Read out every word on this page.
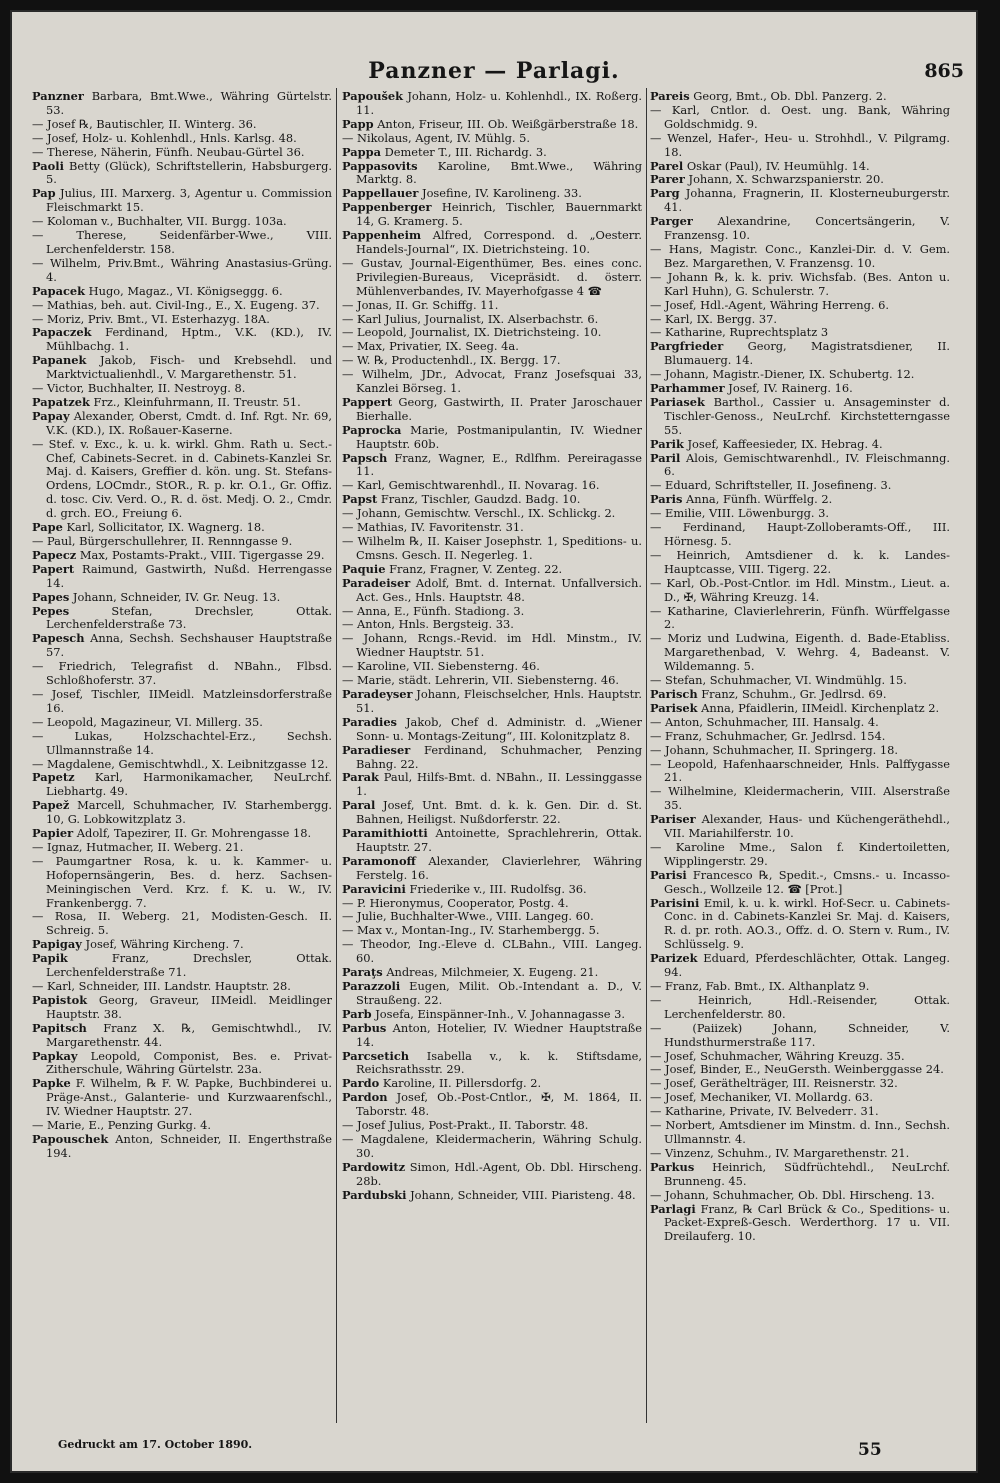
Panzner — Parlagi.	865
Panzner Barbara, Bmt.Wwe., Währing Gürtelstr. 53.
— Josef ℞, Bautischler, II. Winterg. 36.
— Josef, Holz- u. Kohlenhdl., Hnls. Karlsg. 48.
— Therese, Näherin, Fünfh. Neubau-Gürtel 36.
Paoli Betty (Glück), Schriftstellerin, Habsburgerg. 5.
Pap Julius, III. Marxerg. 3, Agentur u. Commission Fleischmarkt 15.
— Koloman v., Buchhalter, VII. Burgg. 103a.
— Therese, Seidenfärber-Wwe., VIII. Lerchenfelderstr. 158.
— Wilhelm, Priv.Bmt., Währing Anastasius-Grüng. 4.
Papacek Hugo, Magaz., VI. Königseggg. 6.
— Mathias, beh. aut. Civil-Ing., E., X. Eugeng. 37.
— Moriz, Priv. Bmt., VI. Esterhazyg. 18A.
Papaczek Ferdinand, Hptm., V.K. (KD.), IV. Mühlbachg. 1.
Papanek Jakob, Fisch- und Krebsehdl. und Marktvictualienhdl., V. Margarethenstr. 51.
— Victor, Buchhalter, II. Nestroyg. 8.
Papatzek Frz., Kleinfuhrmann, II. Treustr. 51.
Papay Alexander, Oberst, Cmdt. d. Inf. Rgt. Nr. 69, V.K. (KD.), IX. Roßauer-Kaserne.
— Stef. v. Exc., k. u. k. wirkl. Ghm. Rath u. Sect.-Chef, Cabinets-Secret. in d. Cabinets-Kanzlei Sr. Maj. d. Kaisers, Greffier d. kön. ung. St. Stefans-Ordens, LOCmdr., StOR., R. p. kr. O.1., Gr. Offiz. d. tosc. Civ. Verd. O., R. d. öst. Medj. O. 2., Cmdr. d. grch. EO., Freiung 6.
Pape Karl, Sollicitator, IX. Wagnerg. 18.
— Paul, Bürgerschullehrer, II. Rennngasse 9.
Papecz Max, Postamts-Prakt., VIII. Tigergasse 29.
Papert Raimund, Gastwirth, Nußd. Herrengasse 14.
Papes Johann, Schneider, IV. Gr. Neug. 13.
Pepes Stefan, Drechsler, Ottak. Lerchenfelderstraße 73.
Papesch Anna, Sechsh. Sechshauser Hauptstraße 57.
— Friedrich, Telegrafist d. NBahn., Flbsd. Schloßhoferstr. 37.
— Josef, Tischler, IIMeidl. Matzleinsdorferstraße 16.
— Leopold, Magazineur, VI. Millerg. 35.
— Lukas, Holzschachtel-Erz., Sechsh. Ullmannstraße 14.
— Magdalene, Gemischtwhdl., X. Leibnitzgasse 12.
Papetz Karl, Harmonikamacher, NeuLrchf. Liebhartg. 49.
Papež Marcell, Schuhmacher, IV. Starhembergg. 10, G. Lobkowitzplatz 3.
Papier Adolf, Tapezirer, II. Gr. Mohrengasse 18.
— Ignaz, Hutmacher, II. Weberg. 21.
— Paumgartner Rosa, k. u. k. Kammer- u. Hofopernsängerin, Bes. d. herz. Sachsen-Meiningischen Verd. Krz. f. K. u. W., IV. Frankenbergg. 7.
— Rosa, II. Weberg. 21, Modisten-Gesch. II. Schreig. 5.
Papigay Josef, Währing Kircheng. 7.
Papik Franz, Drechsler, Ottak. Lerchenfelderstraße 71.
— Karl, Schneider, III. Landstr. Hauptstr. 28.
Papistok Georg, Graveur, IIMeidl. Meidlinger Hauptstr. 38.
Papitsch Franz X. ℞, Gemischtwhdl., IV. Margarethenstr. 44.
Papkay Leopold, Componist, Bes. e. Privat-Zitherschule, Währing Gürtelstr. 23a.
Papke F. Wilhelm, ℞ F. W. Papke, Buchbinderei u. Präge-Anst., Galanterie- und Kurzwaarenfschl., IV. Wiedner Hauptstr. 27.
— Marie, E., Penzing Gurkg. 4.
Papouschek Anton, Schneider, II. Engerthstraße 194.
Papoušek Johann, Holz- u. Kohlenhdl., IX. Roßerg. 11.
Papp Anton, Friseur, III. Ob. Weißgärberstraße 18.
— Nikolaus, Agent, IV. Mühlg. 5.
Pappa Demeter T., III. Richardg. 3.
Pappasovits Karoline, Bmt.Wwe., Währing Marktg. 8.
Pappellauer Josefine, IV. Karolineng. 33.
Pappenberger Heinrich, Tischler, Bauernmarkt 14, G. Kramerg. 5.
Pappenheim Alfred, Correspond. d. „Oesterr. Handels-Journal“, IX. Dietrichsteing. 10.
— Gustav, Journal-Eigenthümer, Bes. eines conc. Privilegien-Bureaus, Vicepräsidt. d. österr. Mühlenverbandes, IV. Mayerhofgasse 4 ☎
— Jonas, II. Gr. Schiffg. 11.
— Karl Julius, Journalist, IX. Alserbachstr. 6.
— Leopold, Journalist, IX. Dietrichsteing. 10.
— Max, Privatier, IX. Seeg. 4a.
— W. ℞, Productenhdl., IX. Bergg. 17.
— Wilhelm, JDr., Advocat, Franz Josefsquai 33, Kanzlei Börseg. 1.
Pappert Georg, Gastwirth, II. Prater Jaroschauer Bierhalle.
Paprocka Marie, Postmanipulantin, IV. Wiedner Hauptstr. 60b.
Papsch Franz, Wagner, E., Rdlfhm. Pereiragasse 11.
— Karl, Gemischtwarenhdl., II. Novarag. 16.
Papst Franz, Tischler, Gaudzd. Badg. 10.
— Johann, Gemischtw. Verschl., IX. Schlickg. 2.
— Mathias, IV. Favoritenstr. 31.
— Wilhelm ℞, II. Kaiser Josephstr. 1, Speditions- u. Cmsns. Gesch. II. Negerleg. 1.
Paquie Franz, Fragner, V. Zenteg. 22.
Paradeiser Adolf, Bmt. d. Internat. Unfallversich. Act. Ges., Hnls. Hauptstr. 48.
— Anna, E., Fünfh. Stadiong. 3.
— Anton, Hnls. Bergsteig. 33.
— Johann, Rcngs.-Revid. im Hdl. Minstm., IV. Wiedner Hauptstr. 51.
— Karoline, VII. Siebensterng. 46.
— Marie, städt. Lehrerin, VII. Siebensterng. 46.
Paradeyser Johann, Fleischselcher, Hnls. Hauptstr. 51.
Paradies Jakob, Chef d. Administr. d. „Wiener Sonn- u. Montags-Zeitung“, III. Kolonitzplatz 8.
Paradieser Ferdinand, Schuhmacher, Penzing Bahng. 22.
Parak Paul, Hilfs-Bmt. d. NBahn., II. Lessinggasse 1.
Paral Josef, Unt. Bmt. d. k. k. Gen. Dir. d. St. Bahnen, Heiligst. Nußdorferstr. 22.
Paramithiotti Antoinette, Sprachlehrerin, Ottak. Hauptstr. 27.
Paramonoff Alexander, Clavierlehrer, Währing Ferstelg. 16.
Paravicini Friederike v., III. Rudolfsg. 36.
— P. Hieronymus, Cooperator, Postg. 4.
— Julie, Buchhalter-Wwe., VIII. Langeg. 60.
— Max v., Montan-Ing., IV. Starhembergg. 5.
— Theodor, Ing.-Eleve d. CLBahn., VIII. Langeg. 60.
Paraţs Andreas, Milchmeier, X. Eugeng. 21.
Parazzoli Eugen, Milit. Ob.-Intendant a. D., V. Straußeng. 22.
Parb Josefa, Einspänner-Inh., V. Johannagasse 3.
Parbus Anton, Hotelier, IV. Wiedner Hauptstraße 14.
Parcsetich Isabella v., k. k. Stiftsdame, Reichsrathsstr. 29.
Pardo Karoline, II. Pillersdorfg. 2.
Pardon Josef, Ob.-Post-Cntlor., ✠, M. 1864, II. Taborstr. 48.
— Josef Julius, Post-Prakt., II. Taborstr. 48.
— Magdalene, Kleidermacherin, Währing Schulg. 30.
Pardowitz Simon, Hdl.-Agent, Ob. Dbl. Hirscheng. 28b.
Pardubski Johann, Schneider, VIII. Piaristeng. 48.
Pareis Georg, Bmt., Ob. Dbl. Panzerg. 2.
— Karl, Cntlor. d. Oest. ung. Bank, Währing Goldschmidg. 9.
— Wenzel, Hafer-, Heu- u. Strohhdl., V. Pilgramg. 18.
Parel Oskar (Paul), IV. Heumühlg. 14.
Parer Johann, X. Schwarzspanierstr. 20.
Parg Johanna, Fragnerin, II. Klosterneuburgerstr. 41.
Parger Alexandrine, Concertsängerin, V. Franzensg. 10.
— Hans, Magistr. Conc., Kanzlei-Dir. d. V. Gem. Bez. Margarethen, V. Franzensg. 10.
— Johann ℞, k. k. priv. Wichsfab. (Bes. Anton u. Karl Huhn), G. Schulerstr. 7.
— Josef, Hdl.-Agent, Währing Herreng. 6.
— Karl, IX. Bergg. 37.
— Katharine, Ruprechtsplatz 3
Pargfrieder Georg, Magistratsdiener, II. Blumauerg. 14.
— Johann, Magistr.-Diener, IX. Schubertg. 12.
Parhammer Josef, IV. Rainerg. 16.
Pariasek Barthol., Cassier u. Ansageminster d. Tischler-Genoss., NeuLrchf. Kirchstetterngasse 55.
Parik Josef, Kaffeesieder, IX. Hebrag. 4.
Paril Alois, Gemischtwarenhdl., IV. Fleischmanng. 6.
— Eduard, Schriftsteller, II. Josefineng. 3.
Paris Anna, Fünfh. Würffelg. 2.
— Emilie, VIII. Löwenburgg. 3.
— Ferdinand, Haupt-Zolloberamts-Off., III. Hörnesg. 5.
— Heinrich, Amtsdiener d. k. k. Landes-Hauptcasse, VIII. Tigerg. 22.
— Karl, Ob.-Post-Cntlor. im Hdl. Minstm., Lieut. a. D., ✠, Währing Kreuzg. 14.
— Katharine, Clavierlehrerin, Fünfh. Würffelgasse 2.
— Moriz und Ludwina, Eigenth. d. Bade-Etabliss. Margarethenbad, V. Wehrg. 4, Badeanst. V. Wildemanng. 5.
— Stefan, Schuhmacher, VI. Windmühlg. 15.
Parisch Franz, Schuhm., Gr. Jedlrsd. 69.
Parisek Anna, Pfaidlerin, IIMeidl. Kirchenplatz 2.
— Anton, Schuhmacher, III. Hansalg. 4.
— Franz, Schuhmacher, Gr. Jedlrsd. 154.
— Johann, Schuhmacher, II. Springerg. 18.
— Leopold, Hafenhaarschneider, Hnls. Palffygasse 21.
— Wilhelmine, Kleidermacherin, VIII. Alserstraße 35.
Pariser Alexander, Haus- und Küchengeräthehdl., VII. Mariahilferstr. 10.
— Karoline Mme., Salon f. Kindertoiletten, Wipplingerstr. 29.
Parisi Francesco ℞, Spedit.-, Cmsns.- u. Incasso-Gesch., Wollzeile 12. ☎ [Prot.]
Parisini Emil, k. u. k. wirkl. Hof-Secr. u. Cabinets-Conc. in d. Cabinets-Kanzlei Sr. Maj. d. Kaisers, R. d. pr. roth. AO.3., Offz. d. O. Stern v. Rum., IV. Schlüsselg. 9.
Parizek Eduard, Pferdeschlächter, Ottak. Langeg. 94.
— Franz, Fab. Bmt., IX. Althanplatz 9.
— Heinrich, Hdl.-Reisender, Ottak. Lerchenfelderstr. 80.
— (Paiizek) Johann, Schneider, V. Hundsthurmerstraße 117.
— Josef, Schuhmacher, Währing Kreuzg. 35.
— Josef, Binder, E., NeuGersth. Weinberggasse 24.
— Josef, Geräthelträger, III. Reisnerstr. 32.
— Josef, Mechaniker, VI. Mollardg. 63.
— Katharine, Private, IV. Belvederг. 31.
— Norbert, Amtsdiener im Minstm. d. Inn., Sechsh. Ullmannstr. 4.
— Vinzenz, Schuhm., IV. Margarethenstr. 21.
Parkus Heinrich, Südfrüchtehdl., NeuLrchf. Brunneng. 45.
— Johann, Schuhmacher, Ob. Dbl. Hirscheng. 13.
Parlagi Franz, ℞ Carl Brück & Co., Speditions- u. Packet-Expreß-Gesch. Werderthorg. 17 u. VII. Dreilauferg. 10.
Gedruckt am 17. October 1890.	55
